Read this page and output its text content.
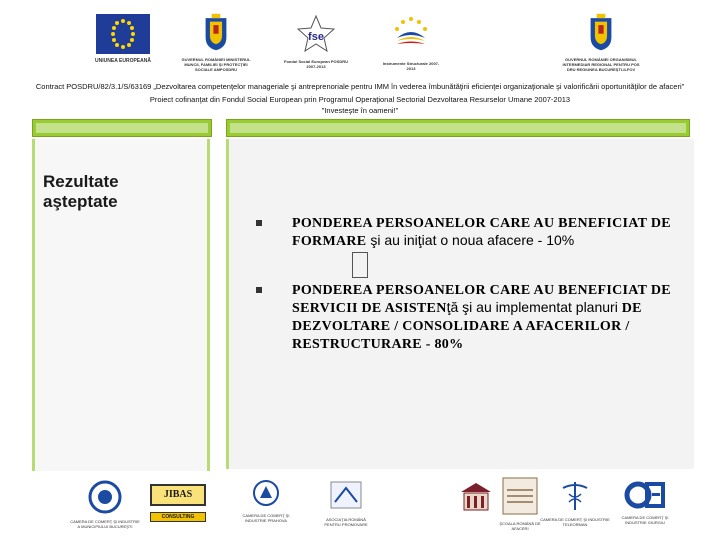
UNIUNEA EUROPEANĂ	GUVERNUL ROMÂNIEI MINISTERUL MUNCII, FAMILIEI ŞI PROTECŢIEI SOCIALE AMPOSDRU
fse
Fondul Social European POSDRU 2007-2013
Instrumente Structurale 2007-2013
GUVERNUL ROMÂNIEI ORGANISMUL INTERMEDIAR REGIONAL PENTRU POS DRU REGIUNEA BUCUREŞTI-ILFOV
Contract POSDRU/82/3.1/S/63169 „Dezvoltarea competenţelor manageriale şi antreprenoriale pentru IMM în vederea îmbunătăţirii eficienţei organizaţionale şi valorificării oportunităţilor de afaceri”
Proiect cofinanţat din Fondul Social European prin Programul Operaţional Sectorial Dezvoltarea Resurselor Umane 2007-2013
"Investeşte în oameni!"
Rezultate
aşteptate
PONDEREA PERSOANELOR CARE AU BENEFICIAT DE FORMARE şi au iniţiat o noua afacere - 10%
PONDEREA PERSOANELOR CARE AU BENEFICIAT DE SERVICII DE ASISTENţă şi au implementat planuri DE DEZVOLTARE / CONSOLIDARE A AFACERILOR / RESTRUCTURARE - 80%
CAMERA DE COMERŢ ŞI INDUSTRIE A MUNICIPIULUI BUCUREŞTI
JIBAS
CONSULTING	CAMERA DE COMERŢ ŞI INDUSTRIE PRAHOVA	ASOCIAŢIA ROMÂNĂ PENTRU PROMOVARE	ŞCOALA ROMÂNĂ DE AFACERI
CAMERA DE COMERŢ ŞI INDUSTRIE TELEORMAN
CAMERA DE COMERŢ ŞI INDUSTRIE GIURGIU
